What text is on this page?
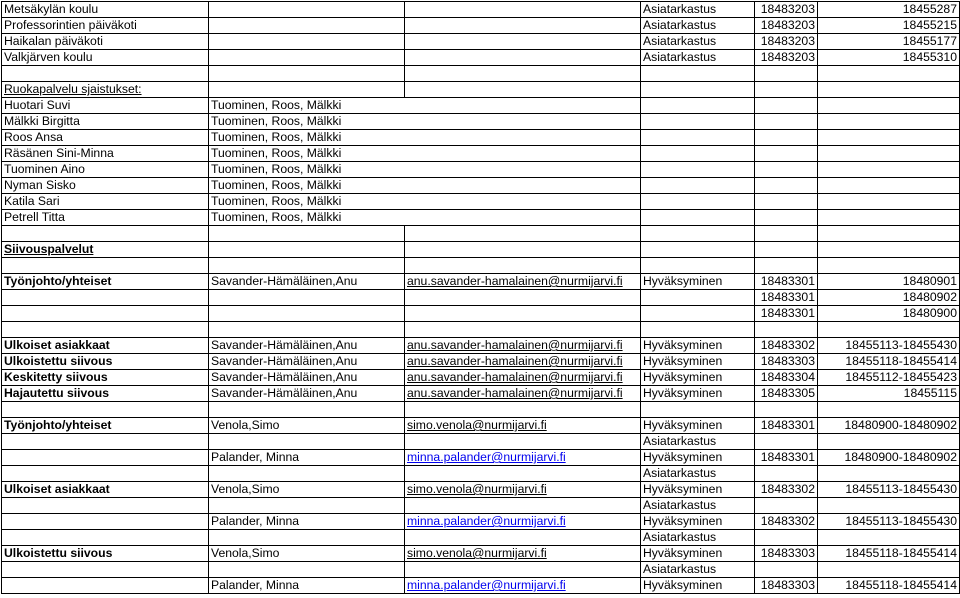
Metsäkylän koulu			Asiatarkastus	18483203	18455287
Professorintien päiväkoti			Asiatarkastus	18483203	18455215
Haikalan päiväkoti			Asiatarkastus	18483203	18455177
Valkjärven koulu			Asiatarkastus	18483203	18455310

Ruokapalvelu sjaistukset:					
Huotari Suvi	Tuominen, Roos, Mälkki				
Mälkki Birgitta	Tuominen, Roos, Mälkki				
Roos Ansa	Tuominen, Roos, Mälkki				
Räsänen Sini-Minna	Tuominen, Roos, Mälkki				
Tuominen Aino	Tuominen, Roos, Mälkki				
Nyman Sisko	Tuominen, Roos, Mälkki				
Katila Sari	Tuominen, Roos, Mälkki				
Petrell Titta	Tuominen, Roos, Mälkki				

Siivouspalvelut					

Työnjohto/yhteiset	Savander-Hämäläinen,Anu	anu.savander-hamalainen@nurmijarvi.fi	Hyväksyminen	18483301	18480901
				18483301	18480902
				18483301	18480900

Ulkoiset asiakkaat	Savander-Hämäläinen,Anu	anu.savander-hamalainen@nurmijarvi.fi	Hyväksyminen	18483302	18455113-18455430
Ulkoistettu siivous	Savander-Hämäläinen,Anu	anu.savander-hamalainen@nurmijarvi.fi	Hyväksyminen	18483303	18455118-18455414
Keskitetty siivous	Savander-Hämäläinen,Anu	anu.savander-hamalainen@nurmijarvi.fi	Hyväksyminen	18483304	18455112-18455423
Hajautettu siivous	Savander-Hämäläinen,Anu	anu.savander-hamalainen@nurmijarvi.fi	Hyväksyminen	18483305	18455115

Työnjohto/yhteiset	Venola,Simo	simo.venola@nurmijarvi.fi	Hyväksyminen	18483301	18480900-18480902
			Asiatarkastus		
	Palander, Minna	minna.palander@nurmijarvi.fi	Hyväksyminen	18483301	18480900-18480902
			Asiatarkastus		
Ulkoiset asiakkaat	Venola,Simo	simo.venola@nurmijarvi.fi	Hyväksyminen	18483302	18455113-18455430
			Asiatarkastus		
	Palander, Minna	minna.palander@nurmijarvi.fi	Hyväksyminen	18483302	18455113-18455430
			Asiatarkastus		
Ulkoistettu siivous	Venola,Simo	simo.venola@nurmijarvi.fi	Hyväksyminen	18483303	18455118-18455414
			Asiatarkastus		
	Palander, Minna	minna.palander@nurmijarvi.fi	Hyväksyminen	18483303	18455118-18455414
